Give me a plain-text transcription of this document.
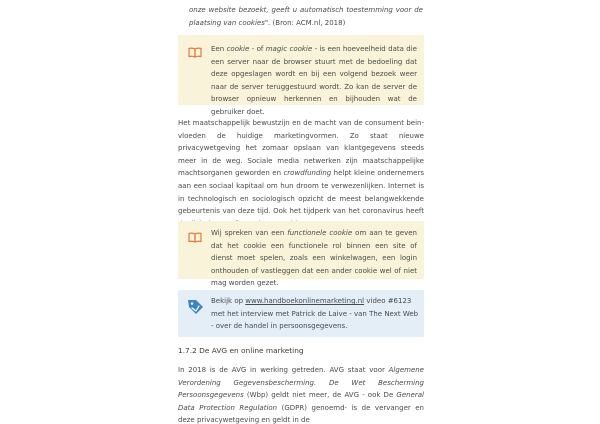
onze website bezoekt, geeft u automatisch toestemming voor de plaatsing van cookies". (Bron: ACM.nl, 2018)
Een cookie - of magic cookie - is een hoeveelheid data die een server naar de browser stuurt met de bedoeling dat deze opgeslagen wordt en bij een volgend bezoek weer naar de server teruggestuurd wordt. Zo kan de server de browser opnieuw herkennen en bijhouden wat de gebruiker doet.
Het maatschappelijk bewustzijn en de macht van de consument bein- vloeden de huidige marketingvormen. Zo staat nieuwe privacywetgeving het zomaar opslaan van klantgegevens steeds meer in de weg. Sociale media netwerken zijn maatschappelijke machtsorganen geworden en crowdfunding helpt kleine ondernemers aan een sociaal kapitaal om hun droom te verwezenlijken. Internet is in technologisch en sociologisch opzicht de meest belangwekkende gebeurtenis van deze tijd. Ook het tijdperk van het coronavirus heeft
Wij spreken van een functionele cookie om aan te geven dat het cookie een functionele rol binnen een site of dienst moet spelen, zoals een winkelwagen, een login onthouden of vastleggen dat een ander cookie wel of niet mag worden gezet.
Bekijk op www.handboekonlinemarketing.nl video #6123 met het interview met Patrick de Laive - van The Next Web - over de handel in persoonsgegevens.
1.7.2 De AVG en online marketing
In 2018 is de AVG in werking getreden. AVG staat voor Algemene Verordening Gegevensbescherming. De Wet Bescherming Persoonsgegevens (Wbp) geldt niet meer, de AVG - ook De General Data Protection Regulation (GDPR) genoemd- is de vervanger en deze privacywetgeving en geldt in de
